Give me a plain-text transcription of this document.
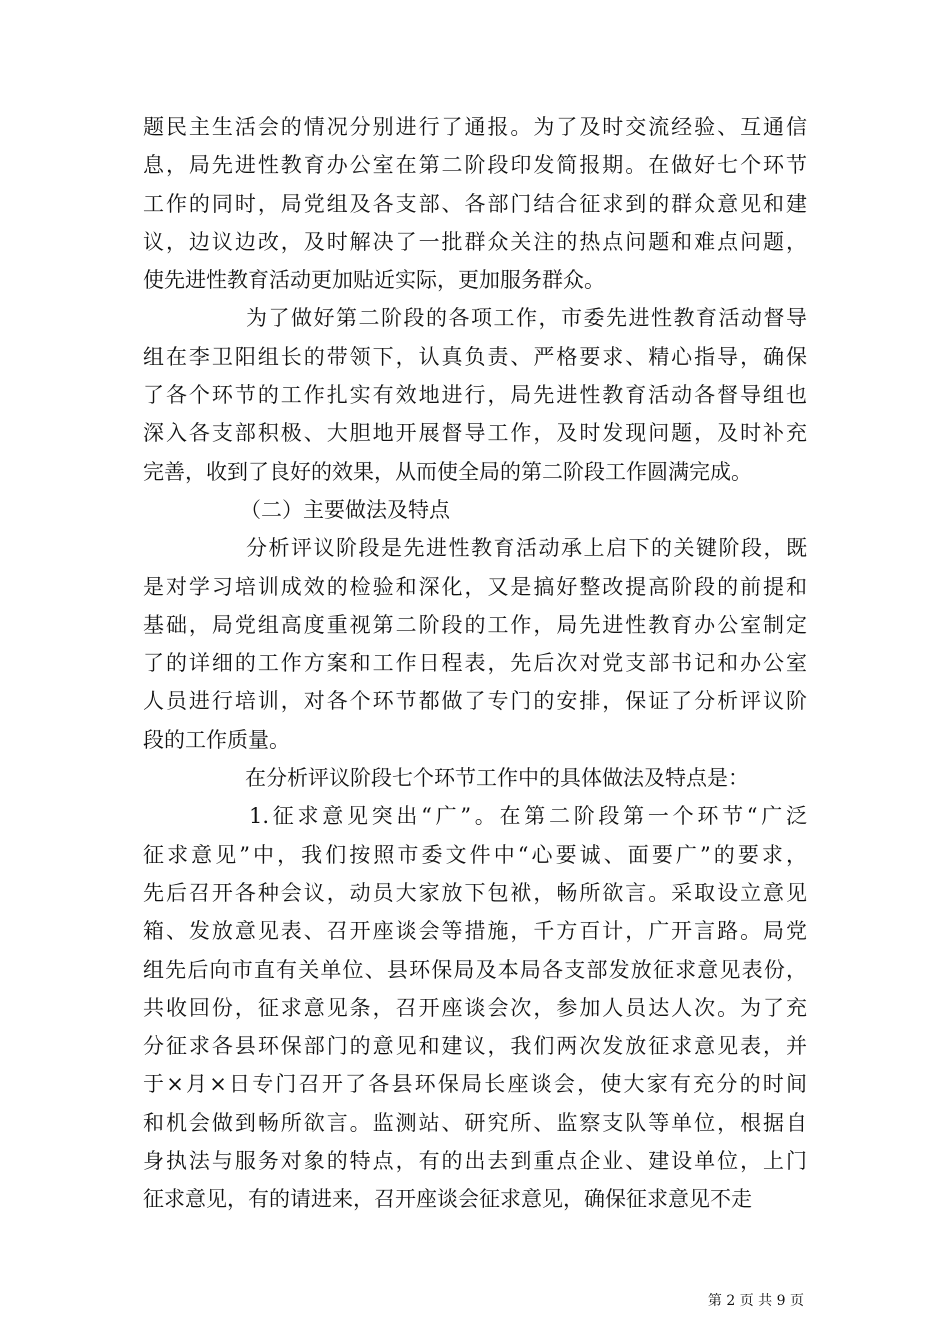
题民主生活会的情况分别进行了通报。为了及时交流经验、互通信
息，局先进性教育办公室在第二阶段印发简报期。在做好七个环节
工作的同时，局党组及各支部、各部门结合征求到的群众意见和建
议，边议边改，及时解决了一批群众关注的热点问题和难点问题，
使先进性教育活动更加贴近实际，更加服务群众。
为了做好第二阶段的各项工作，市委先进性教育活动督导
组在李卫阳组长的带领下，认真负责、严格要求、精心指导，确保
了各个环节的工作扎实有效地进行，局先进性教育活动各督导组也
深入各支部积极、大胆地开展督导工作，及时发现问题，及时补充
完善，收到了良好的效果，从而使全局的第二阶段工作圆满完成。
（二）主要做法及特点
分析评议阶段是先进性教育活动承上启下的关键阶段，既
是对学习培训成效的检验和深化，又是搞好整改提高阶段的前提和
基础，局党组高度重视第二阶段的工作，局先进性教育办公室制定
了的详细的工作方案和工作日程表，先后次对党支部书记和办公室
人员进行培训，对各个环节都做了专门的安排，保证了分析评议阶
段的工作质量。
在分析评议阶段七个环节工作中的具体做法及特点是：
1.征求意见突出“广”。在第二阶段第一个环节“广泛
征求意见”中，我们按照市委文件中“心要诚、面要广”的要求，
先后召开各种会议，动员大家放下包袱，畅所欲言。采取设立意见
箱、发放意见表、召开座谈会等措施，千方百计，广开言路。局党
组先后向市直有关单位、县环保局及本局各支部发放征求意见表份，
共收回份，征求意见条，召开座谈会次，参加人员达人次。为了充
分征求各县环保部门的意见和建议，我们两次发放征求意见表，并
于×月×日专门召开了各县环保局长座谈会，使大家有充分的时间
和机会做到畅所欲言。监测站、研究所、监察支队等单位，根据自
身执法与服务对象的特点，有的出去到重点企业、建设单位，上门
征求意见，有的请进来，召开座谈会征求意见，确保征求意见不走
第 2 页 共 9 页
